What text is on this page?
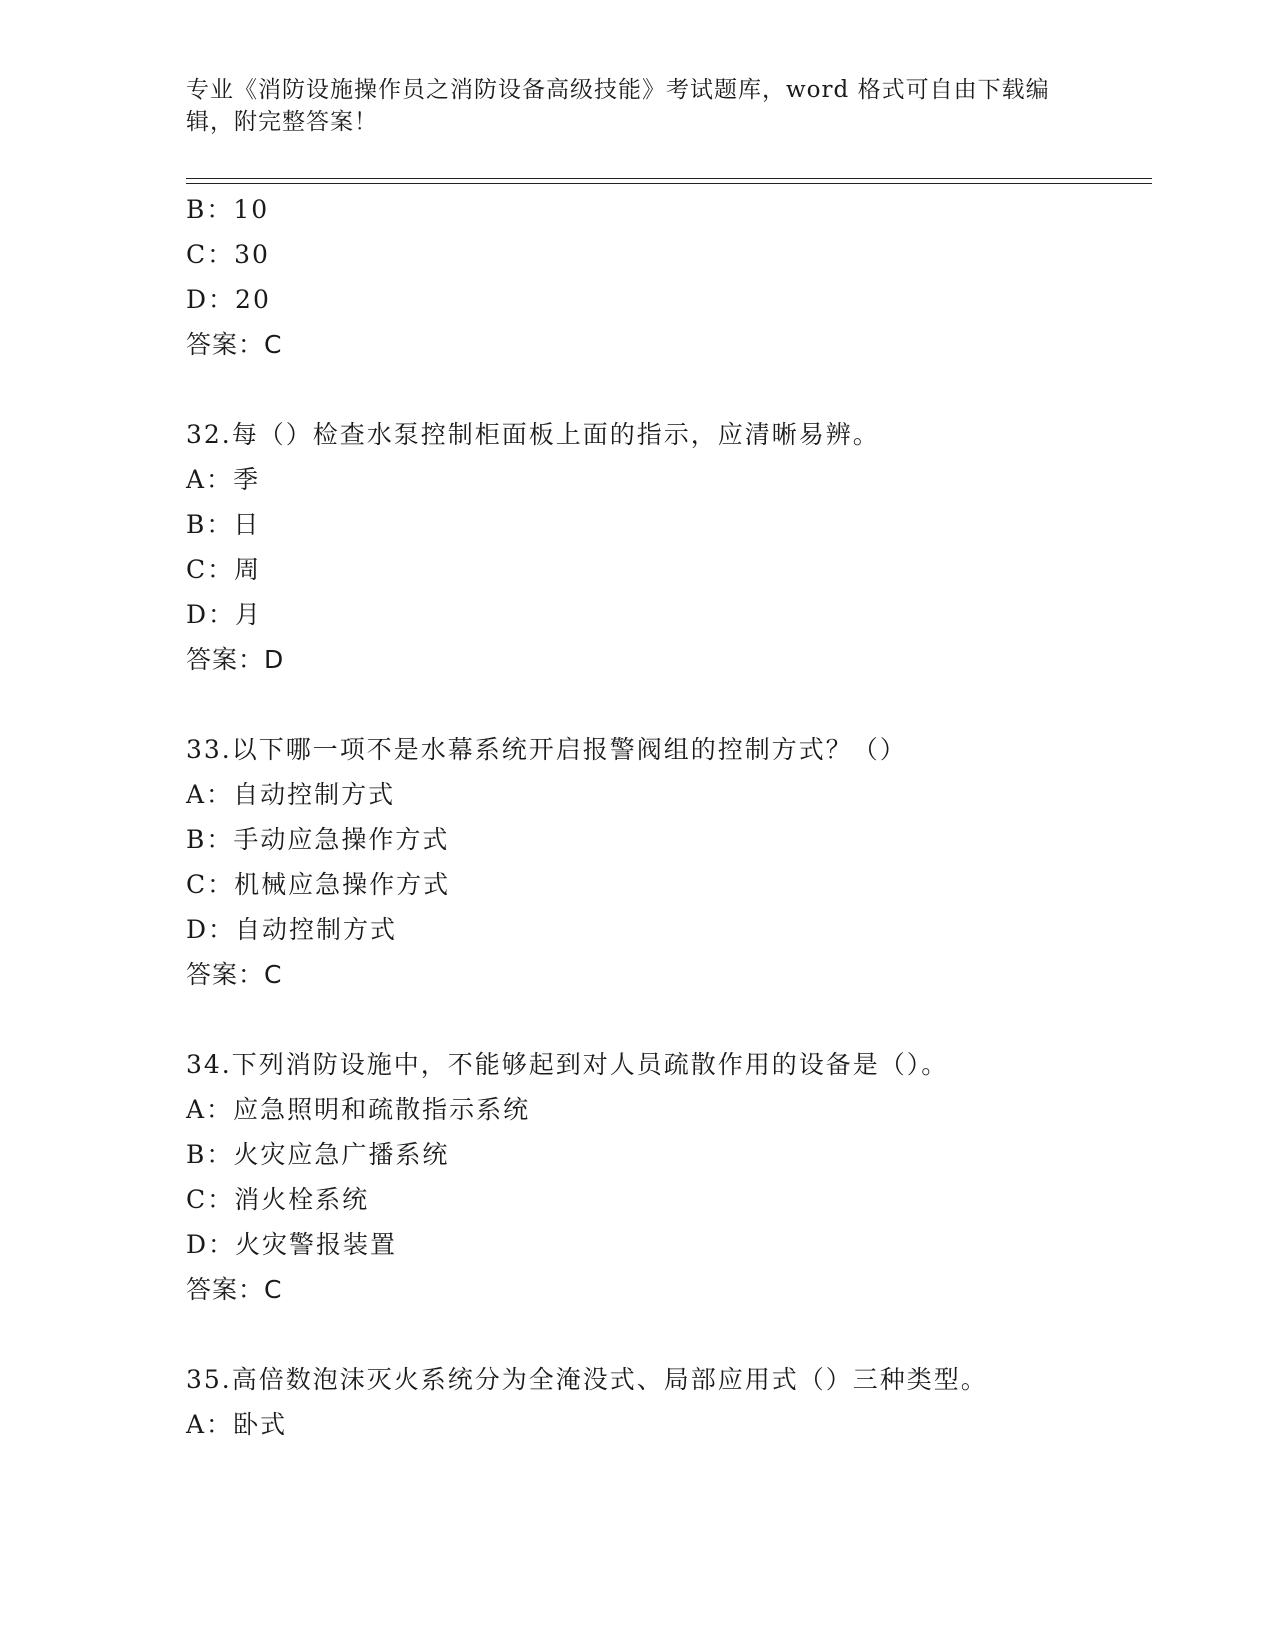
专业《消防设施操作员之消防设备高级技能》考试题库，word 格式可自由下载编
辑，附完整答案！
B：10
C：30
D：20
答案：C
32.每（）检查水泵控制柜面板上面的指示，应清晰易辨。
A：季
B：日
C：周
D：月
答案：D
33.以下哪一项不是水幕系统开启报警阀组的控制方式？（）
A：自动控制方式
B：手动应急操作方式
C：机械应急操作方式
D：自动控制方式
答案：C
34.下列消防设施中，不能够起到对人员疏散作用的设备是（）。
A：应急照明和疏散指示系统
B：火灾应急广播系统
C：消火栓系统
D：火灾警报装置
答案：C
35.高倍数泡沫灭火系统分为全淹没式、局部应用式（）三种类型。
A：卧式
